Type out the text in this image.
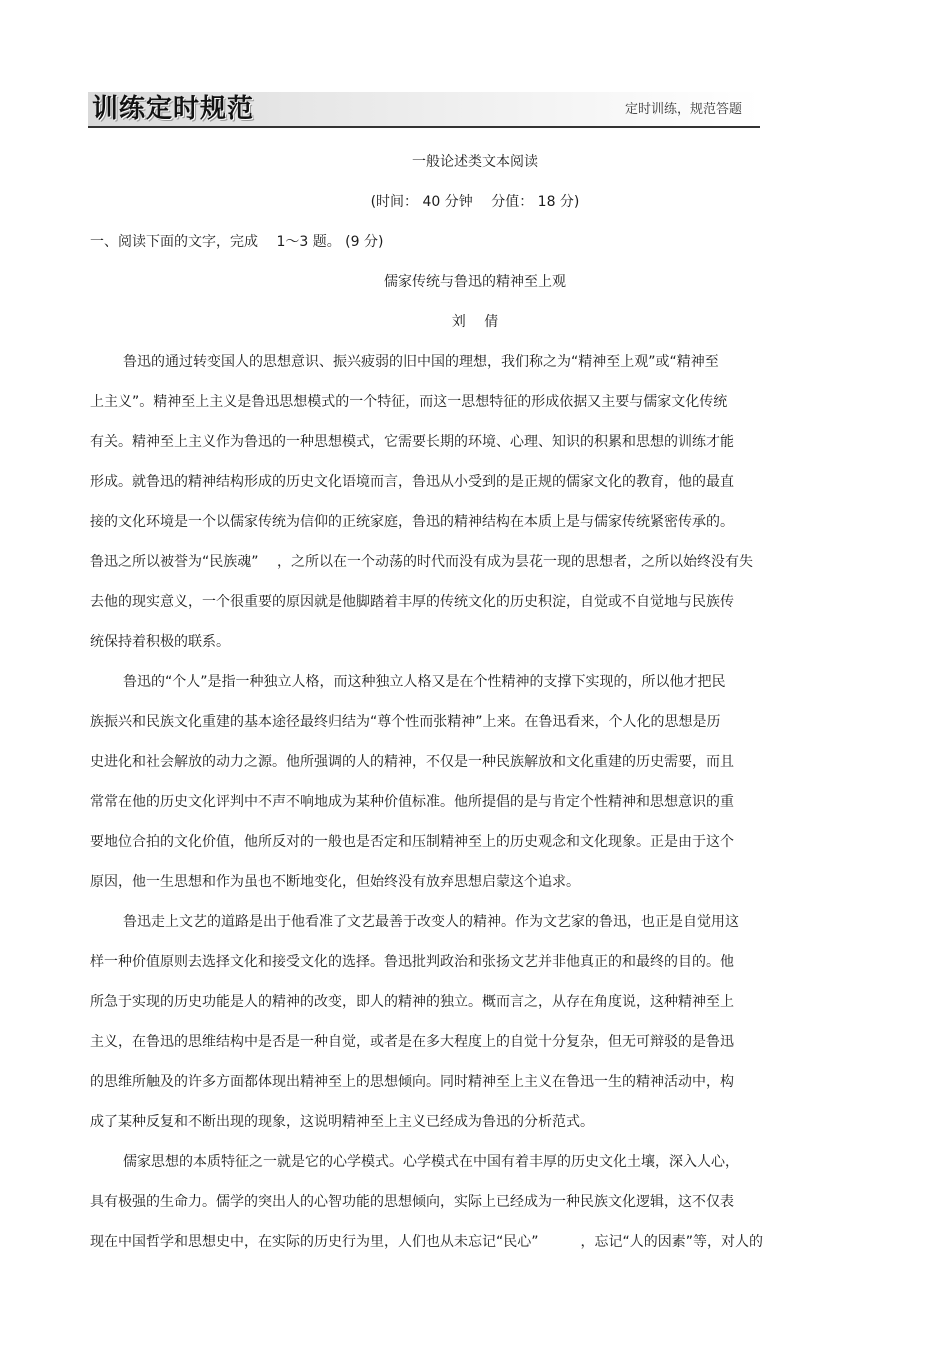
训练定时规范	定时训练，规范答题
一般论述类文本阅读
(时间： 40 分钟　 分值： 18 分)
一、阅读下面的文字，完成　 1～3 题。 (9 分)
儒家传统与鲁迅的精神至上观
刘　 倩
鲁迅的通过转变国人的思想意识、振兴疲弱的旧中国的理想，我们称之为“精神至上观”或“精神至
上主义”。精神至上主义是鲁迅思想模式的一个特征，而这一思想特征的形成依据又主要与儒家文化传统
有关。精神至上主义作为鲁迅的一种思想模式，它需要长期的环境、心理、知识的积累和思想的训练才能
形成。就鲁迅的精神结构形成的历史文化语境而言，鲁迅从小受到的是正规的儒家文化的教育，他的最直
接的文化环境是一个以儒家传统为信仰的正统家庭，鲁迅的精神结构在本质上是与儒家传统紧密传承的。
鲁迅之所以被誉为“民族魂”　 ，之所以在一个动荡的时代而没有成为昙花一现的思想者，之所以始终没有失
去他的现实意义，一个很重要的原因就是他脚踏着丰厚的传统文化的历史积淀，自觉或不自觉地与民族传
统保持着积极的联系。
鲁迅的“个人”是指一种独立人格，而这种独立人格又是在个性精神的支撑下实现的，所以他才把民
族振兴和民族文化重建的基本途径最终归结为“尊个性而张精神”上来。在鲁迅看来，个人化的思想是历
史进化和社会解放的动力之源。他所强调的人的精神，不仅是一种民族解放和文化重建的历史需要，而且
常常在他的历史文化评判中不声不响地成为某种价值标准。他所提倡的是与肯定个性精神和思想意识的重
要地位合拍的文化价值，他所反对的一般也是否定和压制精神至上的历史观念和文化现象。正是由于这个
原因，他一生思想和作为虽也不断地变化，但始终没有放弃思想启蒙这个追求。
鲁迅走上文艺的道路是出于他看准了文艺最善于改变人的精神。作为文艺家的鲁迅，也正是自觉用这
样一种价值原则去选择文化和接受文化的选择。鲁迅批判政治和张扬文艺并非他真正的和最终的目的。他
所急于实现的历史功能是人的精神的改变，即人的精神的独立。概而言之，从存在角度说，这种精神至上
主义，在鲁迅的思维结构中是否是一种自觉，或者是在多大程度上的自觉十分复杂，但无可辩驳的是鲁迅
的思维所触及的许多方面都体现出精神至上的思想倾向。同时精神至上主义在鲁迅一生的精神活动中，构
成了某种反复和不断出现的现象，这说明精神至上主义已经成为鲁迅的分析范式。
儒家思想的本质特征之一就是它的心学模式。心学模式在中国有着丰厚的历史文化土壤，深入人心，
具有极强的生命力。儒学的突出人的心智功能的思想倾向，实际上已经成为一种民族文化逻辑，这不仅表
现在中国哲学和思想史中，在实际的历史行为里，人们也从未忘记“民心”　　　，忘记“人的因素”等，对人的
